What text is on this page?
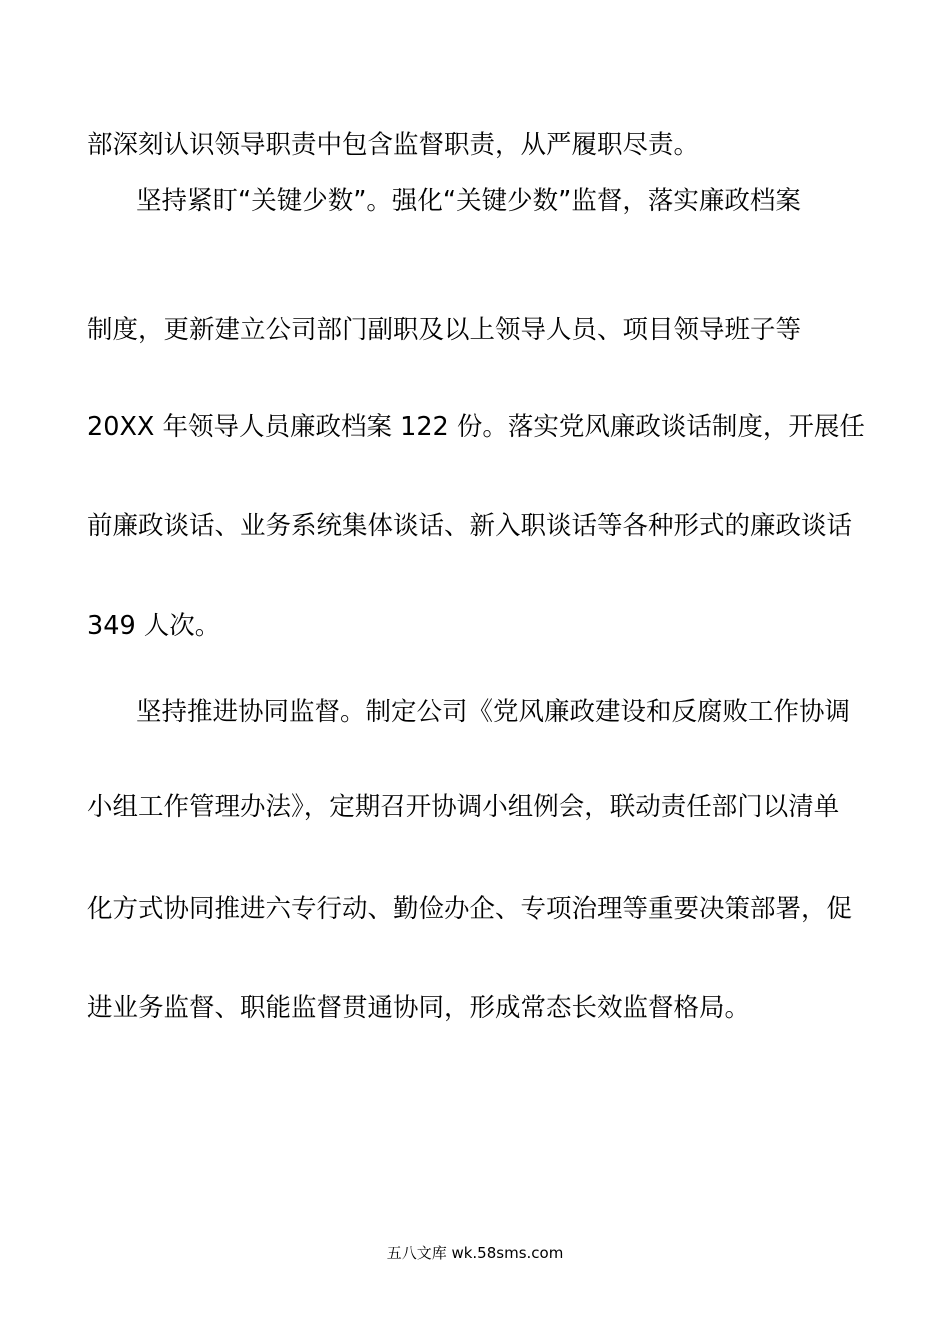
部深刻认识领导职责中包含监督职责，从严履职尽责。
坚持紧盯“关键少数”。强化“关键少数”监督，落实廉政档案
制度，更新建立公司部门副职及以上领导人员、项目领导班子等
20XX 年领导人员廉政档案 122 份。落实党风廉政谈话制度，开展任
前廉政谈话、业务系统集体谈话、新入职谈话等各种形式的廉政谈话
349 人次。
坚持推进协同监督。制定公司《党风廉政建设和反腐败工作协调
小组工作管理办法》，定期召开协调小组例会，联动责任部门以清单
化方式协同推进六专行动、勤俭办企、专项治理等重要决策部署，促
进业务监督、职能监督贯通协同，形成常态长效监督格局。
五八文库 wk.58sms.com
